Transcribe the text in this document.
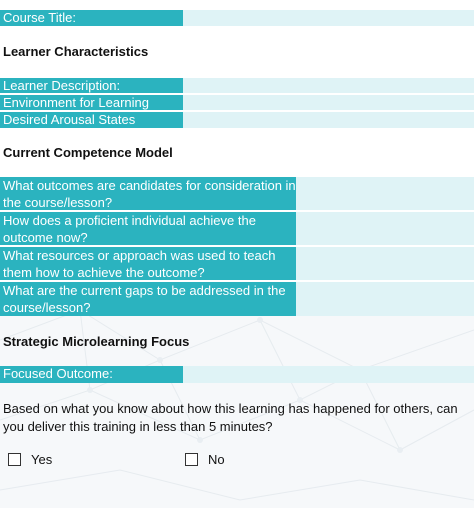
Course Title:
Learner Characteristics
Learner Description:
Environment for Learning
Desired Arousal States
Current Competence Model
What outcomes are candidates for consideration in the course/lesson?
How does a proficient individual achieve the outcome now?
What resources or approach was used to teach them how to achieve the outcome?
What are the current gaps to be addressed in the course/lesson?
Strategic Microlearning Focus
Focused Outcome:
Based on what you know about how this learning has happened for others, can you deliver this training in less than 5 minutes?
Yes	No
